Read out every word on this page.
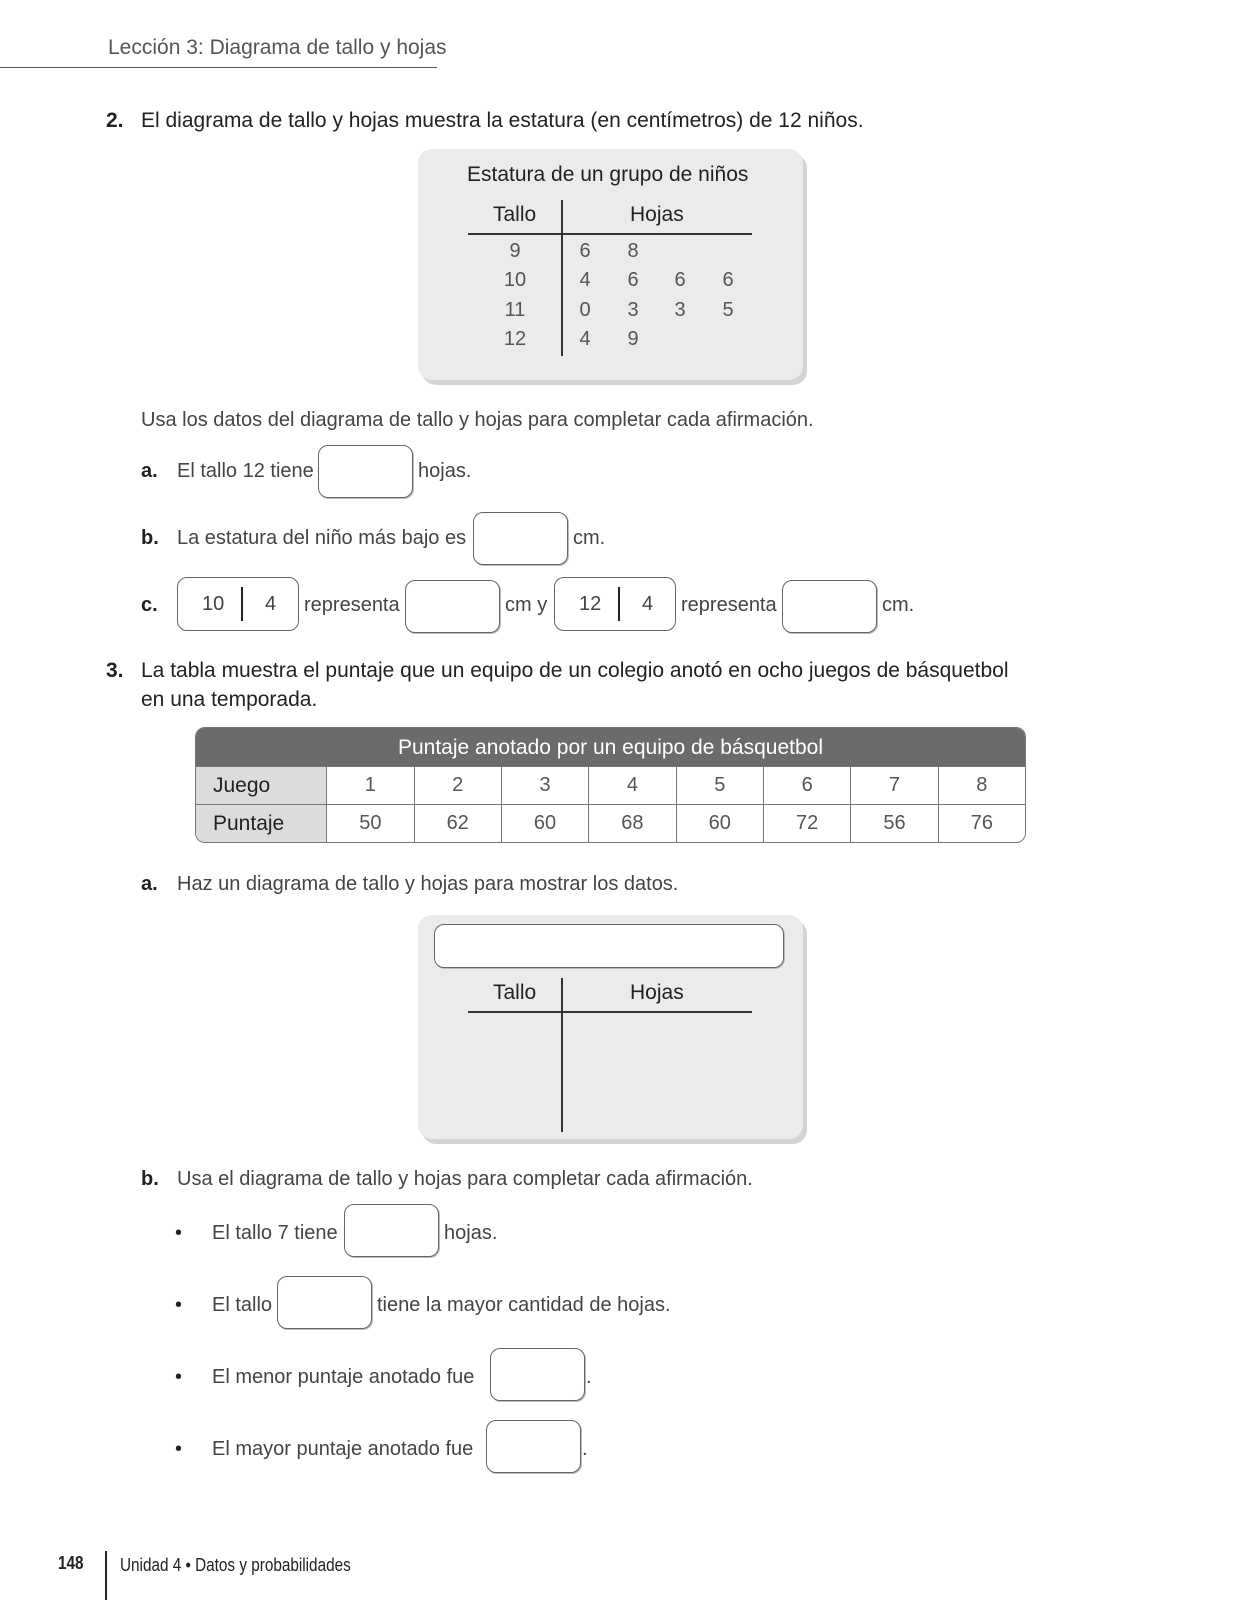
Lección 3: Diagrama de tallo y hojas
2. El diagrama de tallo y hojas muestra la estatura (en centímetros) de 12 niños.
Estatura de un grupo de niños
Tallo	Hojas
9	6	8
10	4	6	6	6
11	0	3	3	5
12	4	9
Usa los datos del diagrama de tallo y hojas para completar cada afirmación.
a. El tallo 12 tiene	hojas.
b. La estatura del niño más bajo es	cm.
c. 10 4 representa	cm y 12 4 representa	cm.
3. La tabla muestra el puntaje que un equipo de un colegio anotó en ocho juegos de básquetbol
en una temporada.
Puntaje anotado por un equipo de básquetbol
Juego	1	2	3	4	5	6	7	8
Puntaje	50	62	60	68	60	72	56	76
a. Haz un diagrama de tallo y hojas para mostrar los datos.
Tallo	Hojas
b. Usa el diagrama de tallo y hojas para completar cada afirmación.
• El tallo 7 tiene	hojas.
• El tallo	tiene la mayor cantidad de hojas.
• El menor puntaje anotado fue	.
• El mayor puntaje anotado fue	.
148 Unidad 4 • Datos y probabilidades
